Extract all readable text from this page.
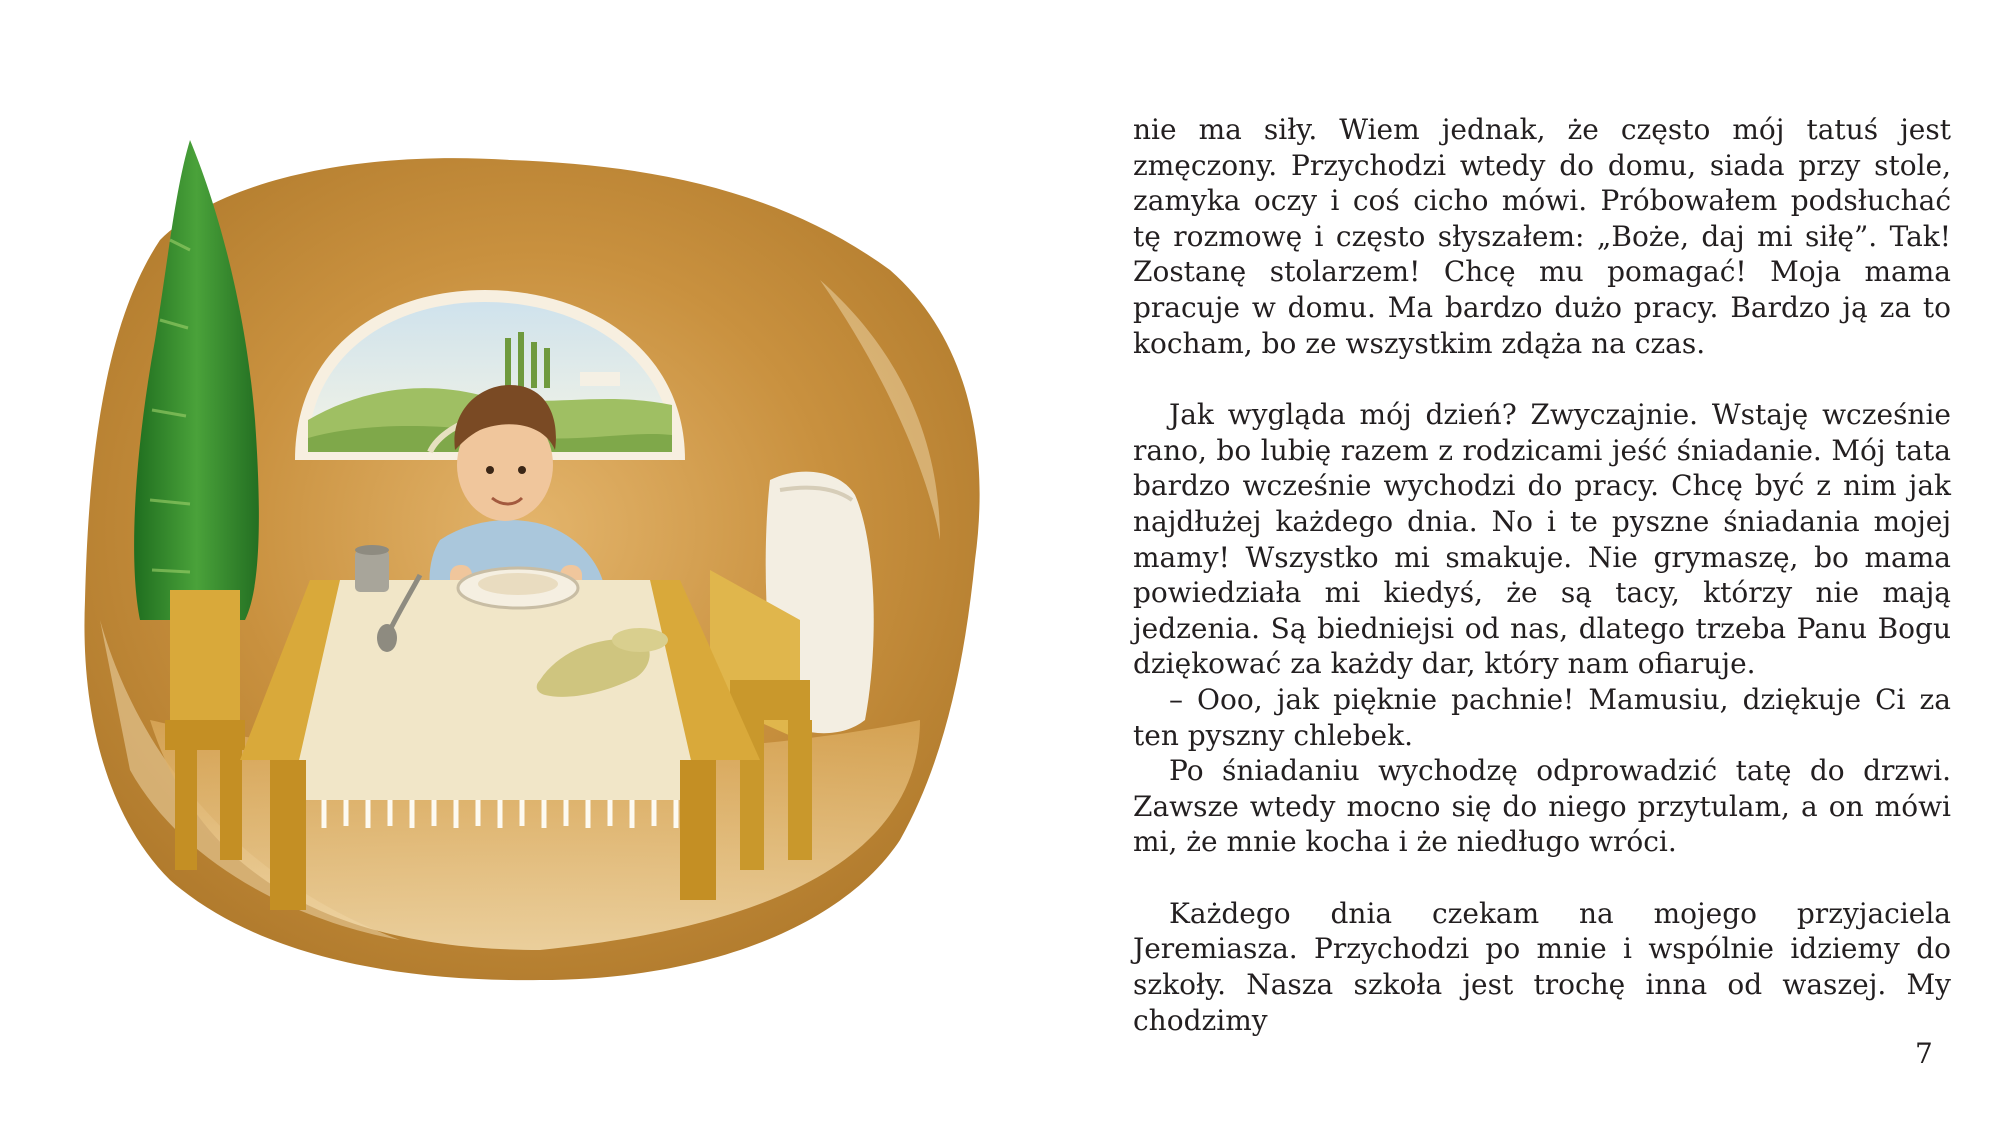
nie ma siły. Wiem jednak, że często mój tatuś jest zmęczony. Przychodzi wtedy do domu, siada przy stole, zamyka oczy i coś cicho mówi. Próbowałem podsłuchać tę rozmowę i często słyszałem: „Boże, daj mi siłę”. Tak! Zostanę stolarzem! Chcę mu pomagać! Moja mama pracuje w domu. Ma bardzo dużo pracy. Bardzo ją za to kocham, bo ze wszystkim zdąża na czas.

Jak wygląda mój dzień? Zwyczajnie. Wstaję wcześnie rano, bo lubię razem z rodzicami jeść śniadanie. Mój tata bardzo wcześnie wychodzi do pracy. Chcę być z nim jak najdłużej każdego dnia. No i te pyszne śniadania mojej mamy! Wszystko mi smakuje. Nie grymaszę, bo mama powiedziała mi kiedyś, że są tacy, którzy nie mają jedzenia. Są biedniejsi od nas, dlatego trzeba Panu Bogu dziękować za każdy dar, który nam ofiaruje.

– Ooo, jak pięknie pachnie! Mamusiu, dziękuje Ci za ten pyszny chlebek.

Po śniadaniu wychodzę odprowadzić tatę do drzwi. Zawsze wtedy mocno się do niego przytulam, a on mówi mi, że mnie kocha i że niedługo wróci.

Każdego dnia czekam na mojego przyjaciela Jeremiasza. Przychodzi po mnie i wspólnie idziemy do szkoły. Nasza szkoła jest trochę inna od waszej. My chodzimy

7
